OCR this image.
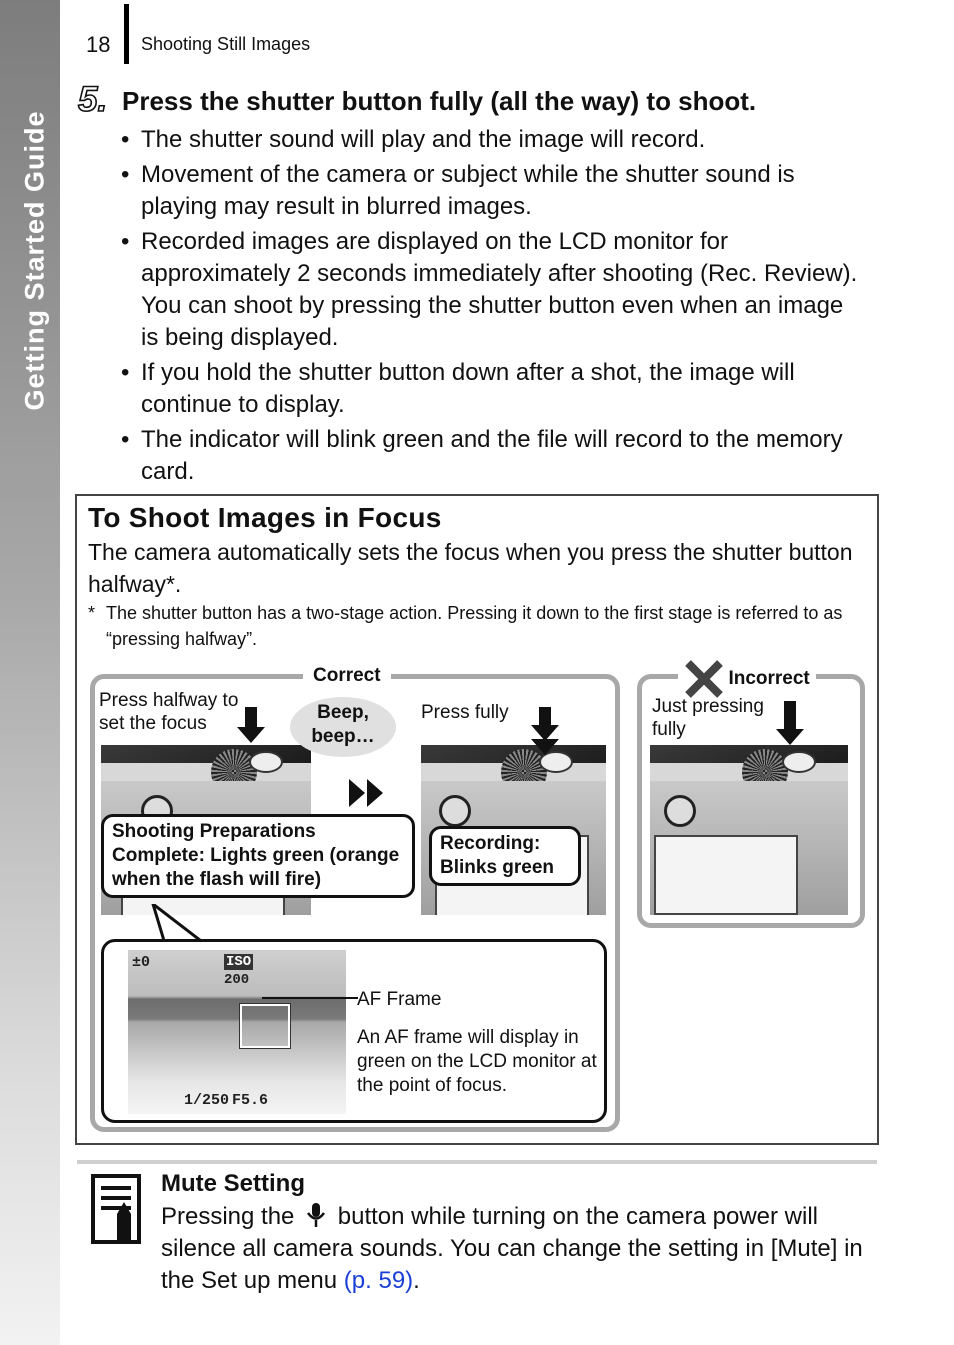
Getting Started Guide
18 Shooting Still Images
5. Press the shutter button fully (all the way) to shoot.
• The shutter sound will play and the image will record.
• Movement of the camera or subject while the shutter sound is playing may result in blurred images.
• Recorded images are displayed on the LCD monitor for approximately 2 seconds immediately after shooting (Rec. Review). You can shoot by pressing the shutter button even when an image is being displayed.
• If you hold the shutter button down after a shot, the image will continue to display.
• The indicator will blink green and the file will record to the memory card.
To Shoot Images in Focus
The camera automatically sets the focus when you press the shutter button halfway*.
* The shutter button has a two-stage action. Pressing it down to the first stage is referred to as “pressing halfway”.
Correct
Press halfway to set the focus
Beep, beep…
Press fully
Shooting Preparations Complete: Lights green (orange when the flash will fire)
Recording: Blinks green
±0	ISO
200
1/250 F5.6
AF Frame
An AF frame will display in green on the LCD monitor at the point of focus.
Incorrect
Just pressing fully
Mute Setting
Pressing the button while turning on the camera power will silence all camera sounds. You can change the setting in [Mute] in the Set up menu (p. 59).
